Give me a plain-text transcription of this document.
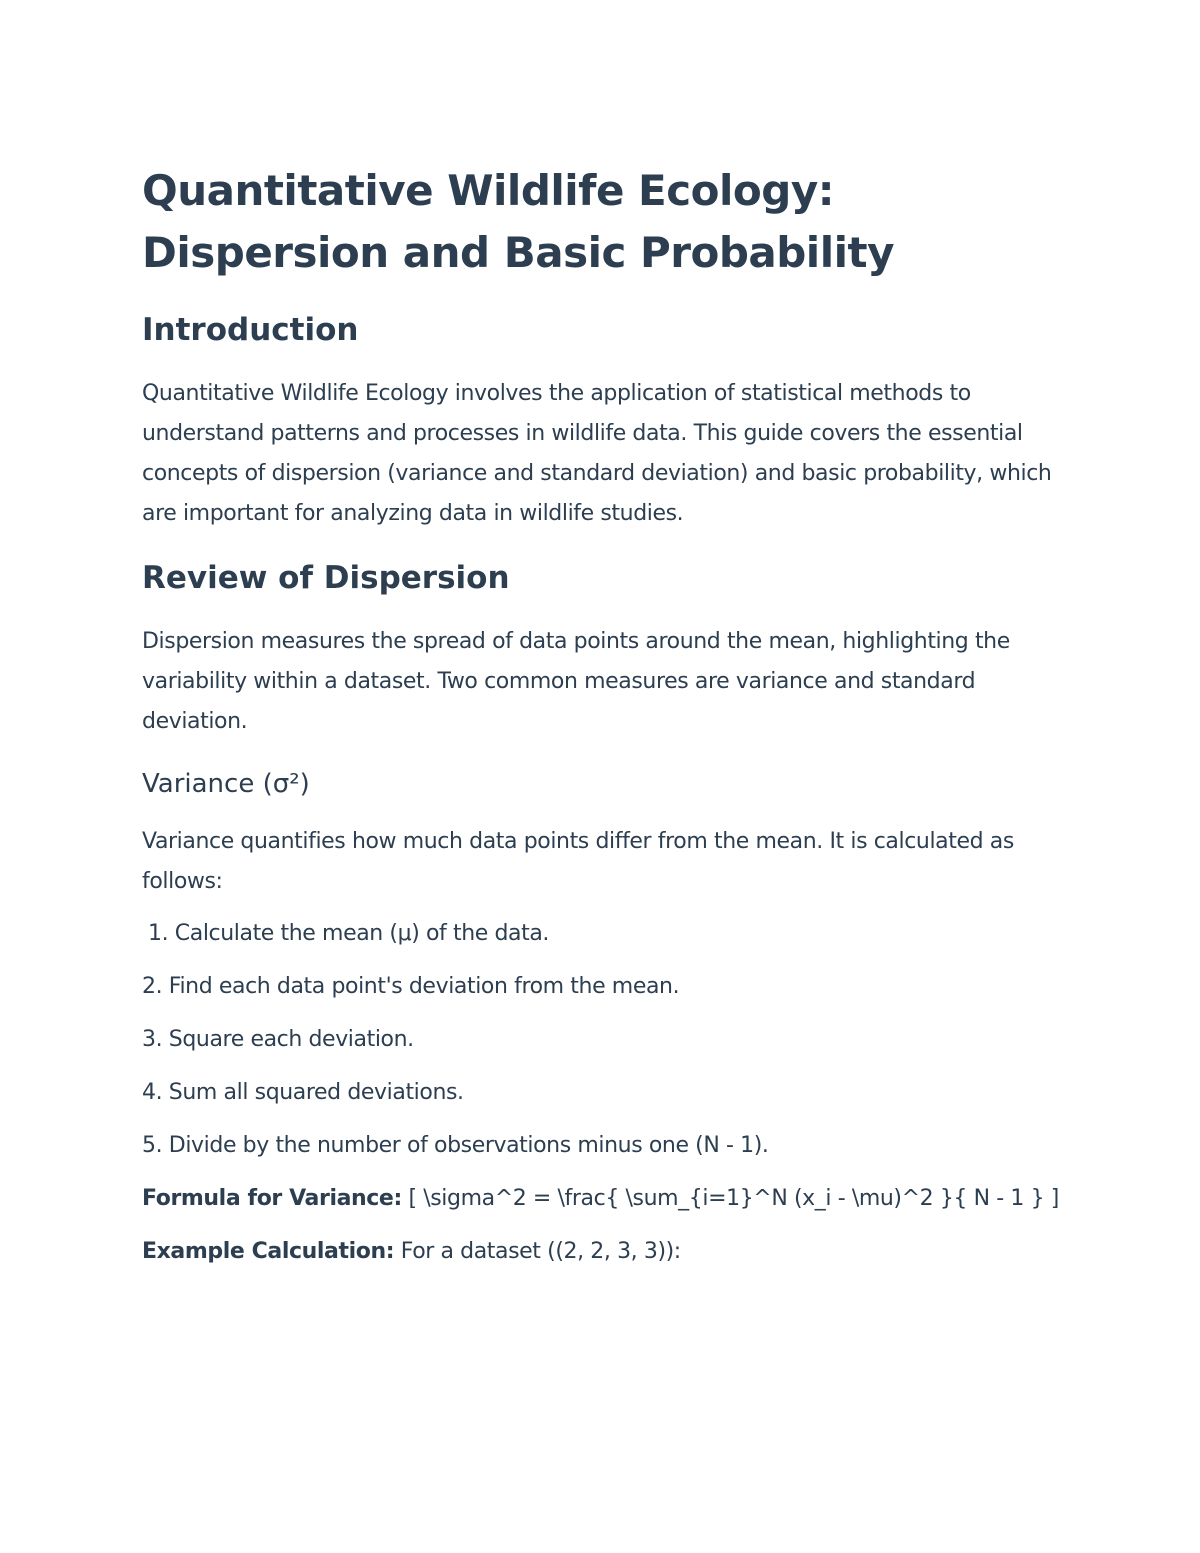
Quantitative Wildlife Ecology: Dispersion and Basic Probability
Introduction

Quantitative Wildlife Ecology involves the application of statistical methods to understand patterns and processes in wildlife data. This guide covers the essential concepts of dispersion (variance and standard deviation) and basic probability, which are important for analyzing data in wildlife studies.

Review of Dispersion

Dispersion measures the spread of data points around the mean, highlighting the variability within a dataset. Two common measures are variance and standard deviation.

Variance (σ²)

Variance quantifies how much data points differ from the mean. It is calculated as follows:

1. Calculate the mean (μ) of the data.
2. Find each data point's deviation from the mean.
3. Square each deviation.
4. Sum all squared deviations.
5. Divide by the number of observations minus one (N - 1).

Formula for Variance: [ \sigma^2 = \frac{ \sum_{i=1}^N (x_i - \mu)^2 }{ N - 1 } ]

Example Calculation: For a dataset ((2, 2, 3, 3)):
